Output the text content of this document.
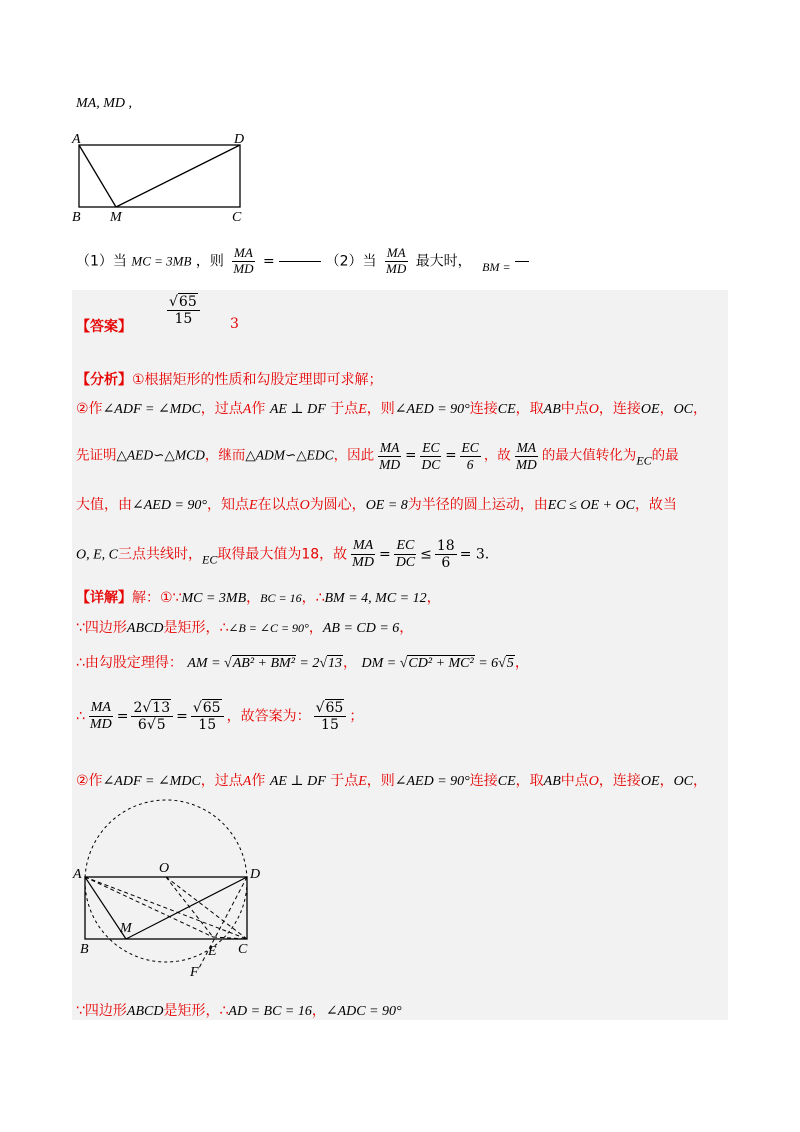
MA, MD ,
A	D
B M	C
（1）当 MC = 3MB ，则 $\frac{MA}{MD}$ =	（2）当 $\frac{MA}{MD}$ 最大时， BM =
【答案】	$\frac{√65}{15} 3$
【分析】①根据矩形的性质和勾股定理即可求解；
②作∠ADF = ∠MDC，过点A作 AE ⊥ DF 于点E，则∠AED = 90°连接CE，取AB中点O，连接OE，OC，
先证明△AED∽△MCD，继而△ADM∽△EDC，因此 $\frac{MA}{MD} = \frac{EC}{DC} = \frac{EC}{6}$ ，故 $\frac{MA}{MD}$ 的最大值转化为EC的最
大值，由∠AED = 90°，知点E在以点O为圆心，OE = 8为半径的圆上运动，由EC ≤ OE + OC，故当
O, E, C三点共线时，EC取得最大值为18，故 $\frac{MA}{MD} = \frac{EC}{DC} \le \frac{18}{6} = 3$.
【详解】解：①∵MC = 3MB，BC = 16，∴BM = 4, MC = 12，
∵四边形ABCD是矩形，∴∠B = ∠C = 90°，AB = CD = 6，
∴由勾股定理得： AM = √AB² + BM² = 2√13， DM = √CD² + MC² = 6√5，
∴ $\frac{MA}{MD} = \frac{2√13}{6√5} = \frac{√65}{15}$ ，故答案为： $\frac{√65}{15}$ ；
②作∠ADF = ∠MDC，过点A作 AE ⊥ DF 于点E，则∠AED = 90°连接CE，取AB中点O，连接OE，OC，
A	O	D
M
B	E C
F
∵四边形ABCD是矩形，∴AD = BC = 16，∠ADC = 90°
